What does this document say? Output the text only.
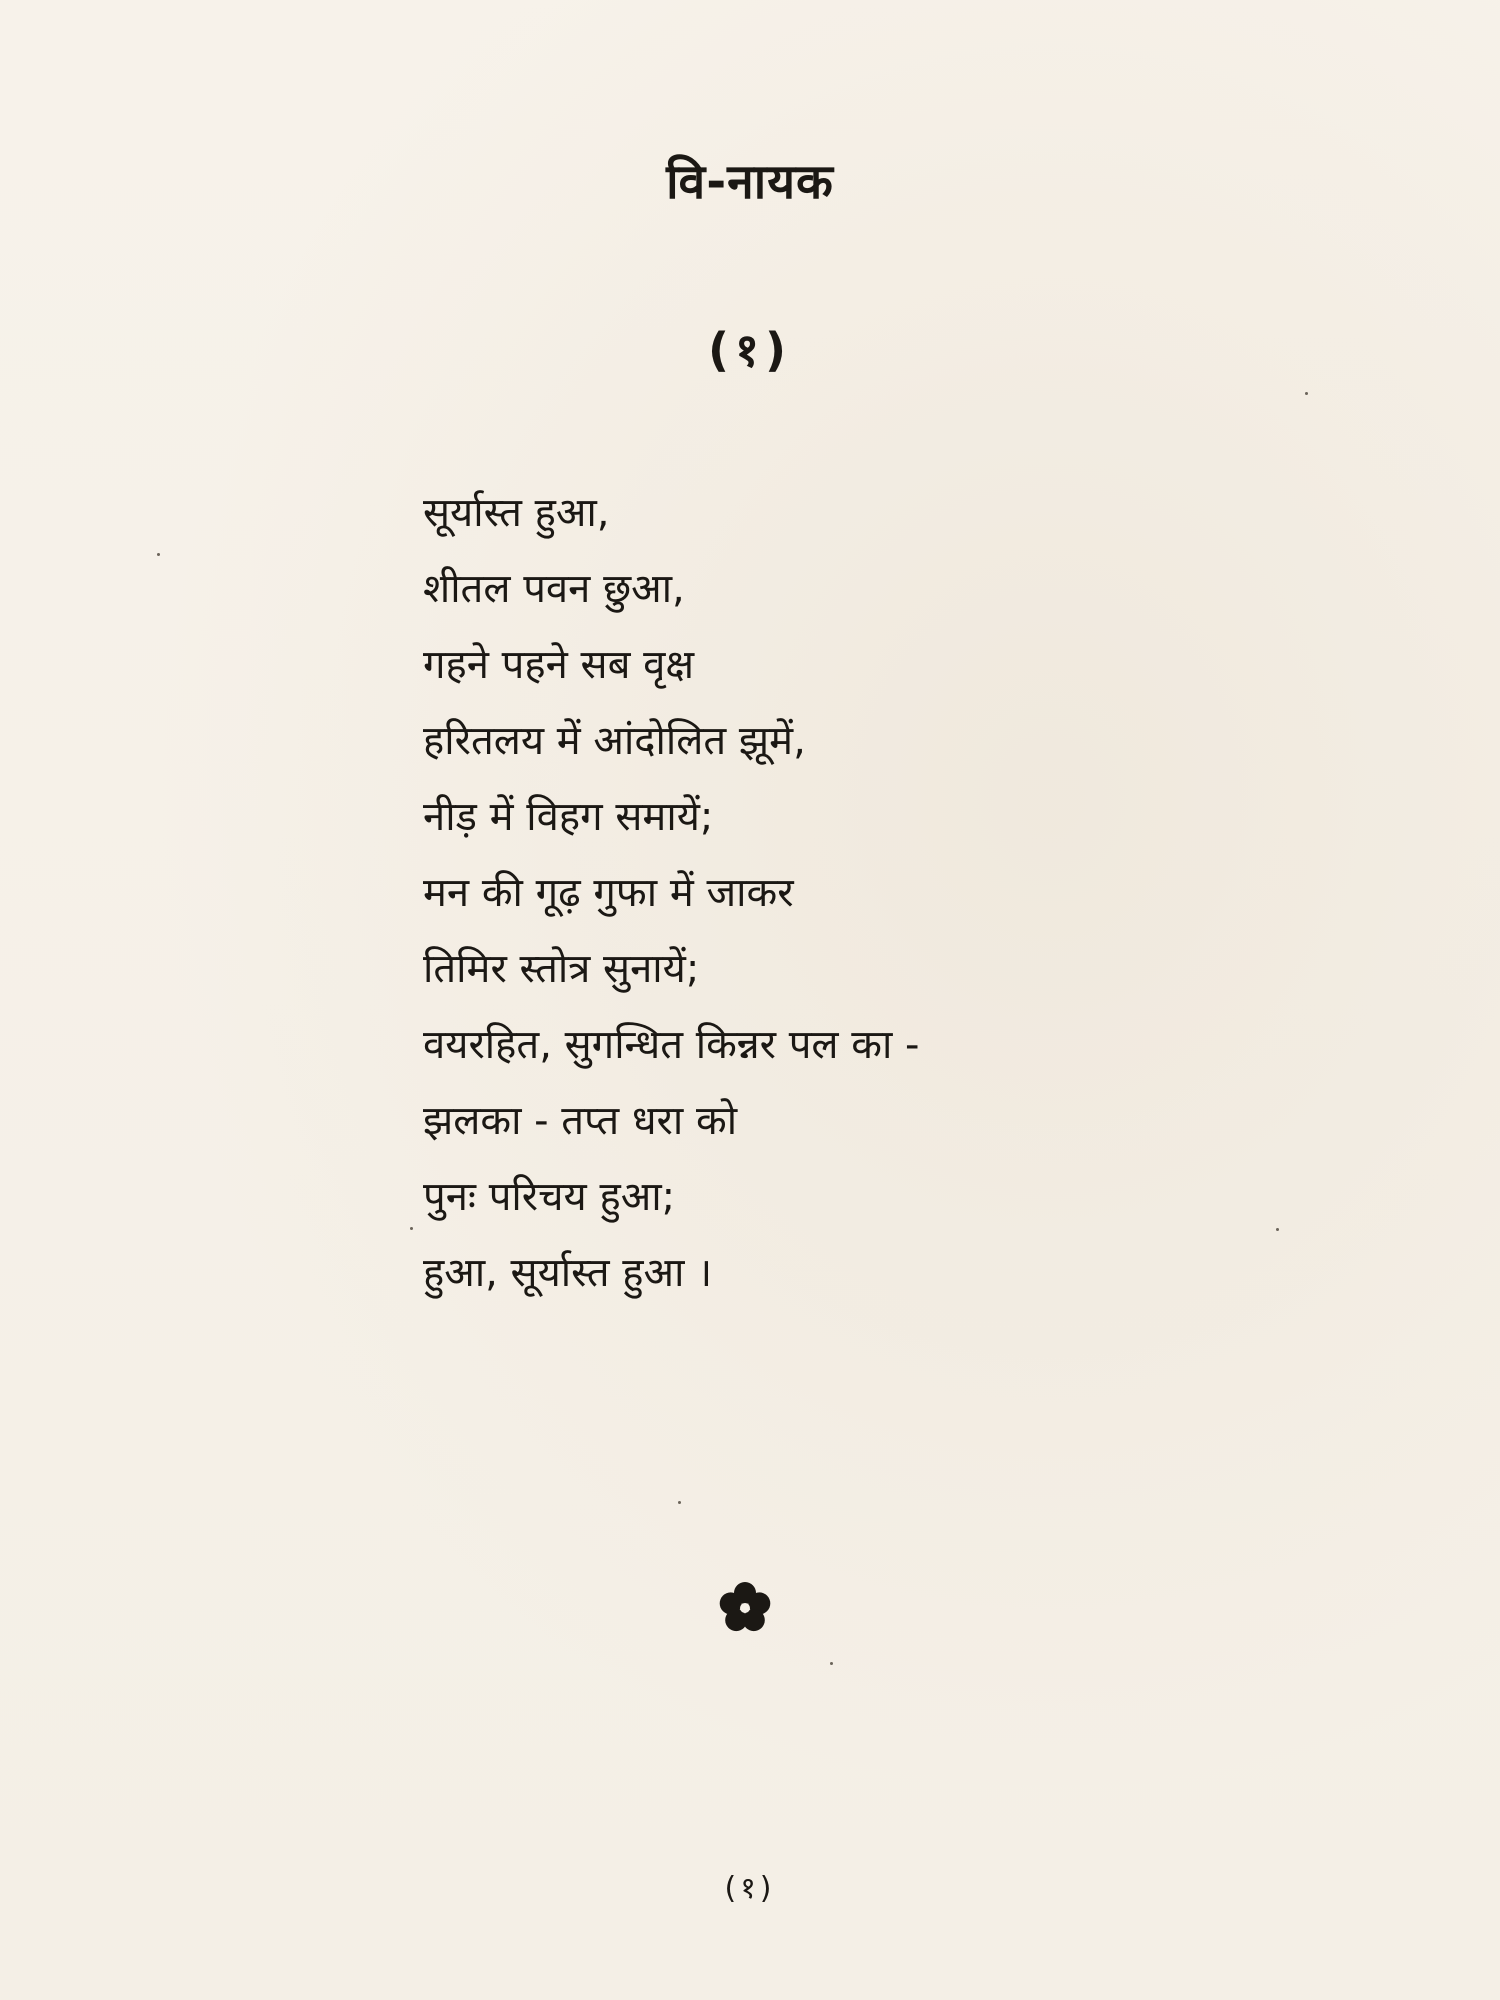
वि-नायक
(१)
सूर्यास्त हुआ,
शीतल पवन छुआ,
गहने पहने सब वृक्ष
हरितलय में आंदोलित झूमें,
नीड़ में विहग समायें;
मन की गूढ़ गुफा में जाकर
तिमिर स्तोत्र सुनायें;
वयरहित, सुगन्धित किन्नर पल का -
झलका - तप्त धरा को
पुनः परिचय हुआ;
हुआ, सूर्यास्त हुआ ।
(१)
